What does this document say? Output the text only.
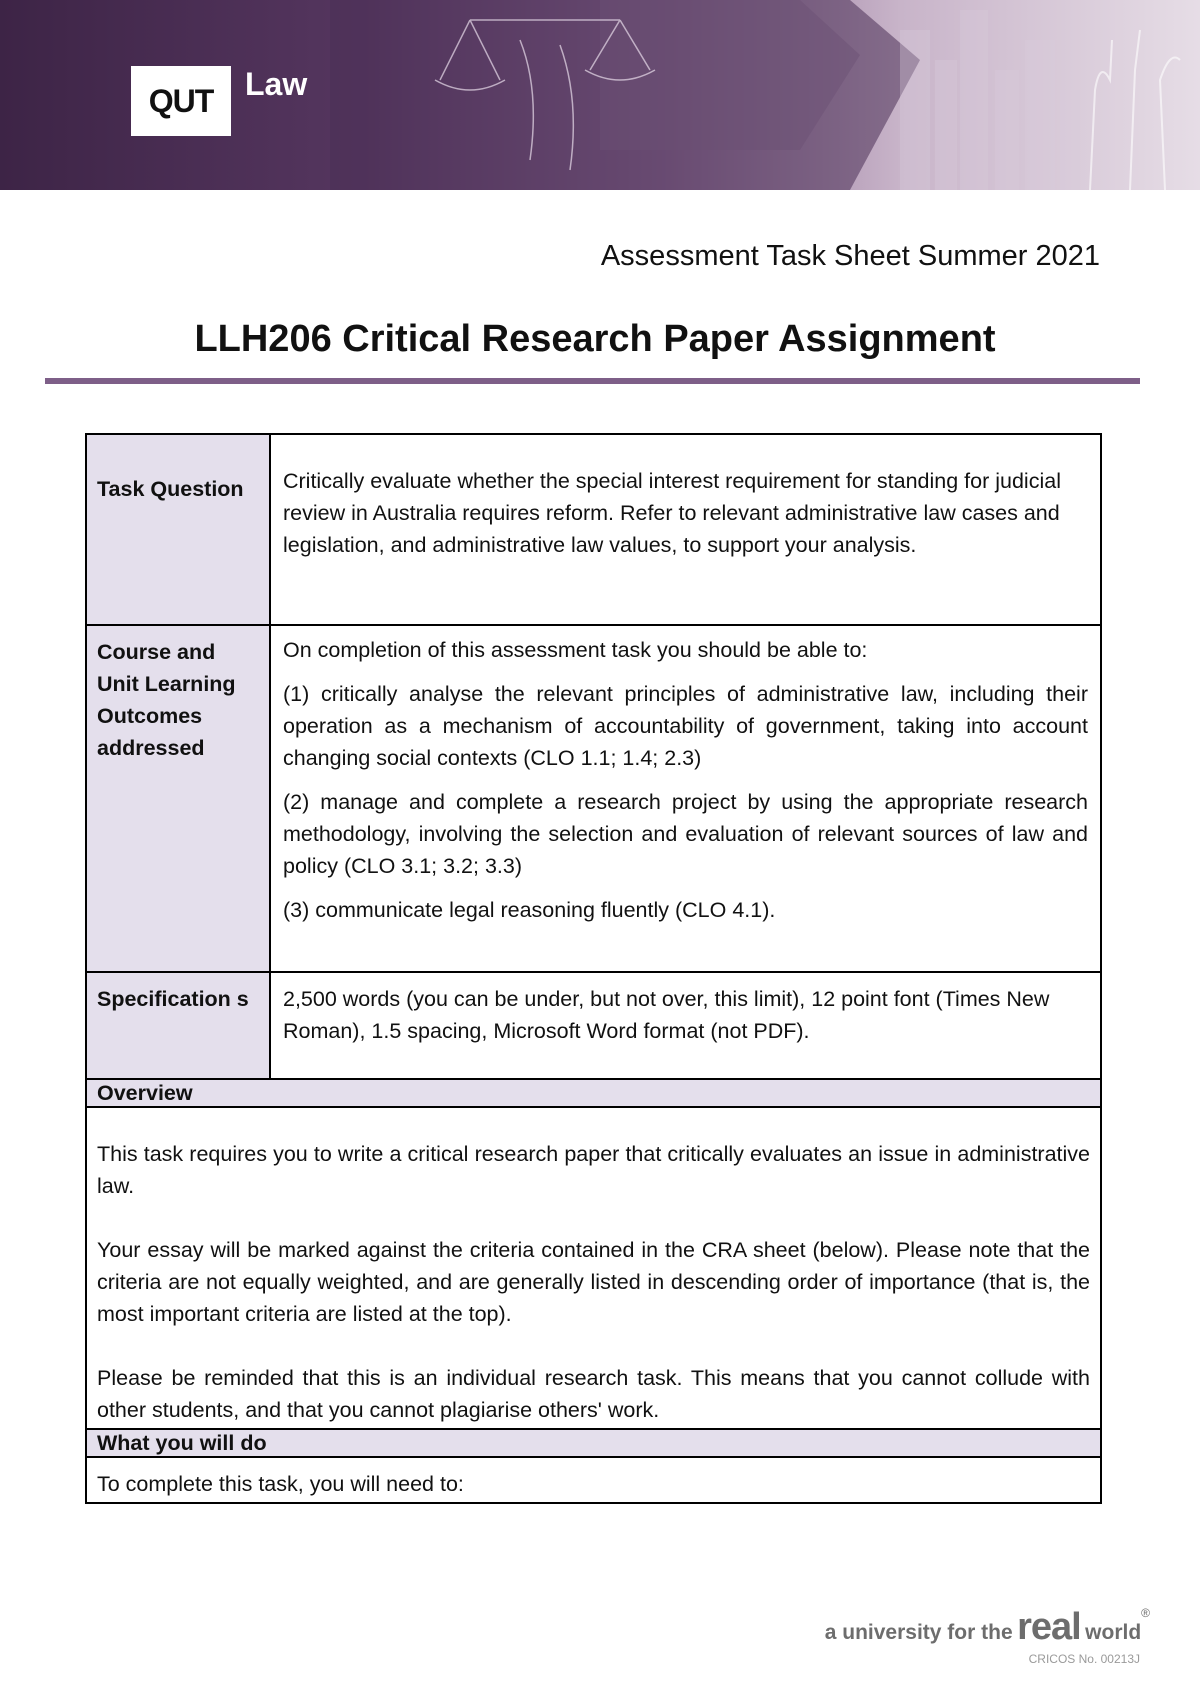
QUT Law
Assessment Task Sheet Summer 2021
LLH206 Critical Research Paper Assignment
Task Question	Critically evaluate whether the special interest requirement for standing for judicial review in Australia requires reform. Refer to relevant administrative law cases and legislation, and administrative law values, to support your analysis.
Course and Unit Learning Outcomes addressed

On completion of this assessment task you should be able to:

(1) critically analyse the relevant principles of administrative law, including their operation as a mechanism of accountability of government, taking into account changing social contexts (CLO 1.1; 1.4; 2.3)

(2) manage and complete a research project by using the appropriate research methodology, involving the selection and evaluation of relevant sources of law and policy (CLO 3.1; 3.2; 3.3)

(3) communicate legal reasoning fluently (CLO 4.1).

Specification s	2,500 words (you can be under, but not over, this limit), 12 point font (Times New Roman), 1.5 spacing, Microsoft Word format (not PDF).
Overview

This task requires you to write a critical research paper that critically evaluates an issue in administrative law.

Your essay will be marked against the criteria contained in the CRA sheet (below). Please note that the criteria are not equally weighted, and are generally listed in descending order of importance (that is, the most important criteria are listed at the top).

Please be reminded that this is an individual research task. This means that you cannot collude with other students, and that you cannot plagiarise others' work.

What you will do
To complete this task, you will need to:
a university for the real world®
CRICOS No. 00213J
